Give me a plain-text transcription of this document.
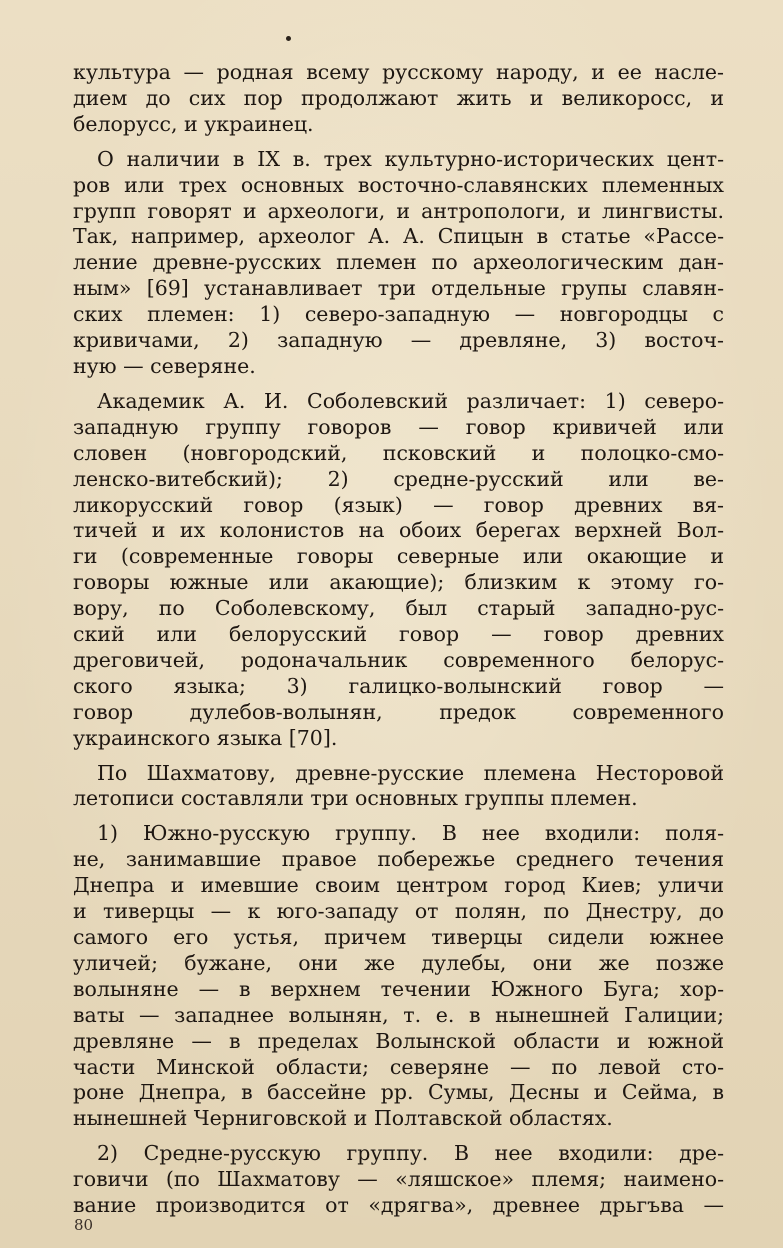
культура — родная всему русскому народу, и ее насле-
дием до сих пор продолжают жить и великоросс, и
белорусс, и украинец.
О наличии в IX в. трех культурно-исторических цент-
ров или трех основных восточно-славянских племенных
групп говорят и археологи, и антропологи, и лингвисты.
Так, например, археолог А. А. Спицын в статье «Рассе-
ление древне-русских племен по археологическим дан-
ным» [69] устанавливает три отдельные групы славян-
ских племен: 1) северо-западную — новгородцы с
кривичами, 2) западную — древляне, 3) восточ-
ную — северяне.
Академик А. И. Соболевский различает: 1) северо-
западную группу говоров — говор кривичей или
словен (новгородский, псковский и полоцко-смо-
ленско-витебский); 2) средне-русский или ве-
ликорусский говор (язык) — говор древних вя-
тичей и их колонистов на обоих берегах верхней Вол-
ги (современные говоры северные или окающие и
говоры южные или акающие); близким к этому го-
вору, по Соболевскому, был старый западно-рус-
ский или белорусский говор — говор древних
дреговичей, родоначальник современного белорус-
ского языка; 3) галицко-волынский говор —
говор дулебов-волынян, предок современного
украинского языка [70].
По Шахматову, древне-русские племена Несторовой
летописи составляли три основных группы племен.
1) Южно-русскую группу. В нее входили: поля-
не, занимавшие правое побережье среднего течения
Днепра и имевшие своим центром город Киев; уличи
и тиверцы — к юго-западу от полян, по Днестру, до
самого его устья, причем тиверцы сидели южнее
уличей; бужане, они же дулебы, они же позже
волыняне — в верхнем течении Южного Буга; хор-
ваты — западнее волынян, т. е. в нынешней Галиции;
древляне — в пределах Волынской области и южной
части Минской области; северяне — по левой сто-
роне Днепра, в бассейне рр. Сумы, Десны и Сейма, в
нынешней Черниговской и Полтавской областях.
2) Средне-русскую группу. В нее входили: дре-
говичи (по Шахматову — «ляшское» племя; наимено-
вание производится от «дрягва», древнее дрьгъва —
80
